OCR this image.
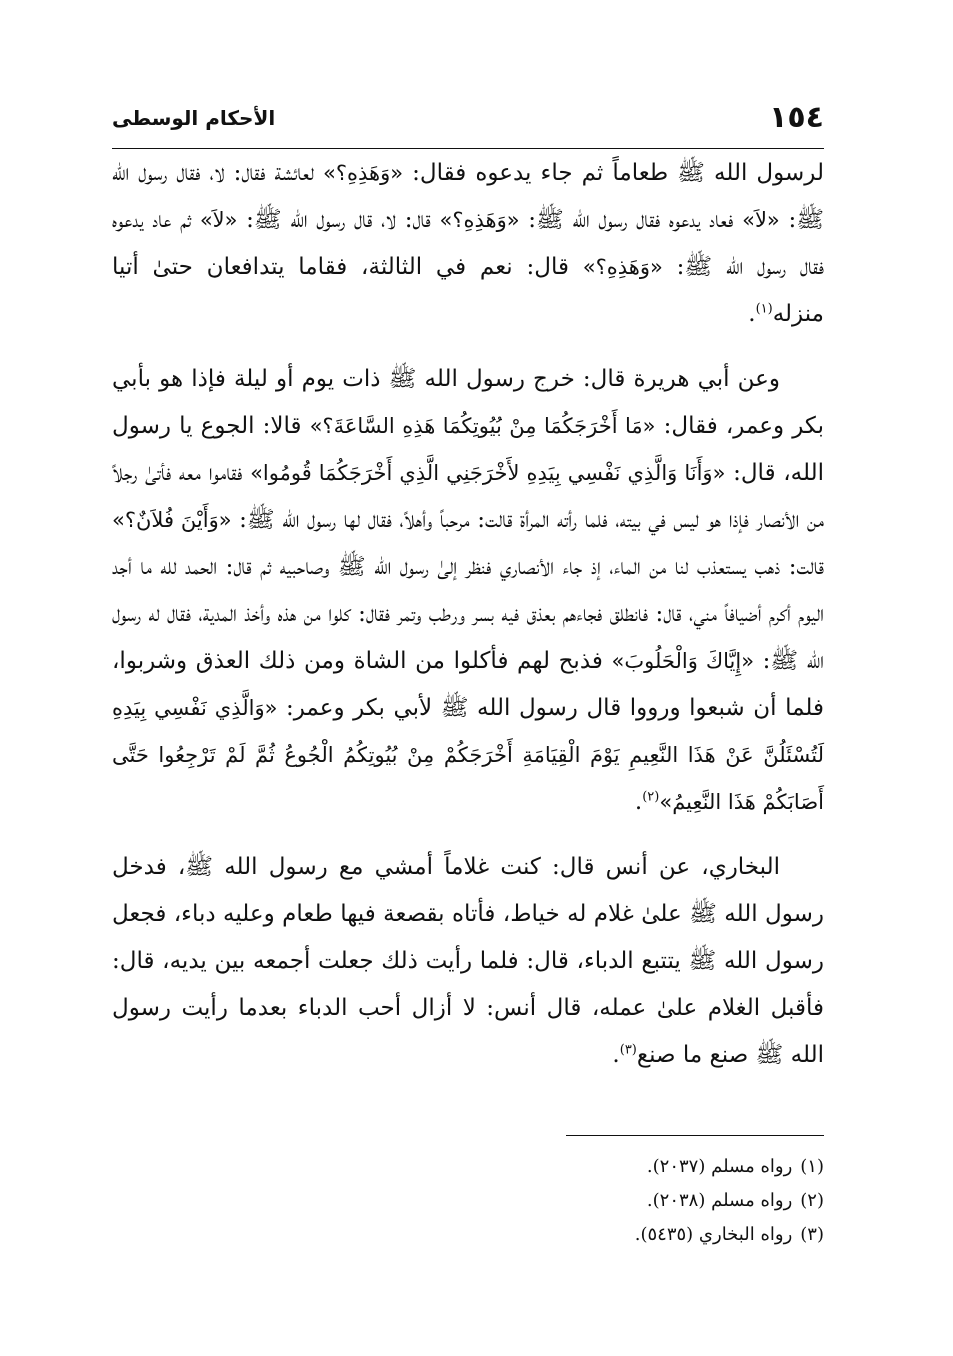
١٥٤
الأحكام الوسطى

لرسول الله ﷺ طعاماً ثم جاء يدعوه فقال: «وَهَذِهِ؟» لعائشة فقال: لا، فقال رسول الله ﷺ: «لاَ» فعاد يدعوه فقال رسول الله ﷺ: «وَهَذِهِ؟» قال: لا، قال رسول الله ﷺ: «لاَ» ثم عاد يدعوه فقال رسول الله ﷺ: «وَهَذِهِ؟» قال: نعم في الثالثة، فقاما يتدافعان حتىٰ أتيا منزله$^{(١)}$.

وعن أبي هريرة قال: خرج رسول الله ﷺ ذات يوم أو ليلة فإذا هو بأبي بكر وعمر، فقال: «مَا أَخْرَجَكُمَا مِنْ بُيُوتِكُمَا هَذِهِ السَّاعَةَ؟» قالا: الجوع يا رسول الله، قال: «وَأَنَا وَالَّذِي نَفْسِي بِيَدِهِ لأَخْرَجَنِي الَّذِي أَخْرَجَكُمَا قُومُوا» فقاموا معه فأتىٰ رجلاً من الأنصار فإذا هو ليس في بيته، فلما رأته المرأة قالت: مرحباً وأهلاً، فقال لها رسول الله ﷺ: «وَأَيْنَ فُلاَنٌ؟» قالت: ذهب يستعذب لنا من الماء، إذ جاء الأنصاري فنظر إلىٰ رسول الله ﷺ وصاحبيه ثم قال: الحمد لله ما أجد اليوم أكرم أضيافاً مني، قال: فانطلق فجاءهم بعذق فيه بسر ورطب وتمر فقال: كلوا من هذه وأخذ المدية، فقال له رسول الله ﷺ: «إِيَّاكَ وَالْحَلُوبَ» فذبح لهم فأكلوا من الشاة ومن ذلك العذق وشربوا، فلما أن شبعوا ورووا قال رسول الله ﷺ لأبي بكر وعمر: «وَالَّذِي نَفْسِي بِيَدِهِ لَتُسْئَلُنَّ عَنْ هَذَا النَّعِيمِ يَوْمَ الْقِيَامَةِ أَخْرَجَكُمْ مِنْ بُيُوتِكُمُ الْجُوعُ ثُمَّ لَمْ تَرْجِعُوا حَتَّى أَصَابَكُمْ هَذَا النَّعِيمُ»$^{(٢)}$.

البخاري، عن أنس قال: كنت غلاماً أمشي مع رسول الله ﷺ، فدخل رسول الله ﷺ علىٰ غلام له خياط، فأتاه بقصعة فيها طعام وعليه دباء، فجعل رسول الله ﷺ يتتبع الدباء، قال: فلما رأيت ذلك جعلت أجمعه بين يديه، قال: فأقبل الغلام علىٰ عمله، قال أنس: لا أزال أحب الدباء بعدما رأيت رسول الله ﷺ صنع ما صنع$^{(٣)}$.

(١)رواه مسلم (٢٠٣٧).
(٢)رواه مسلم (٢٠٣٨).
(٣)رواه البخاري (٥٤٣٥).
